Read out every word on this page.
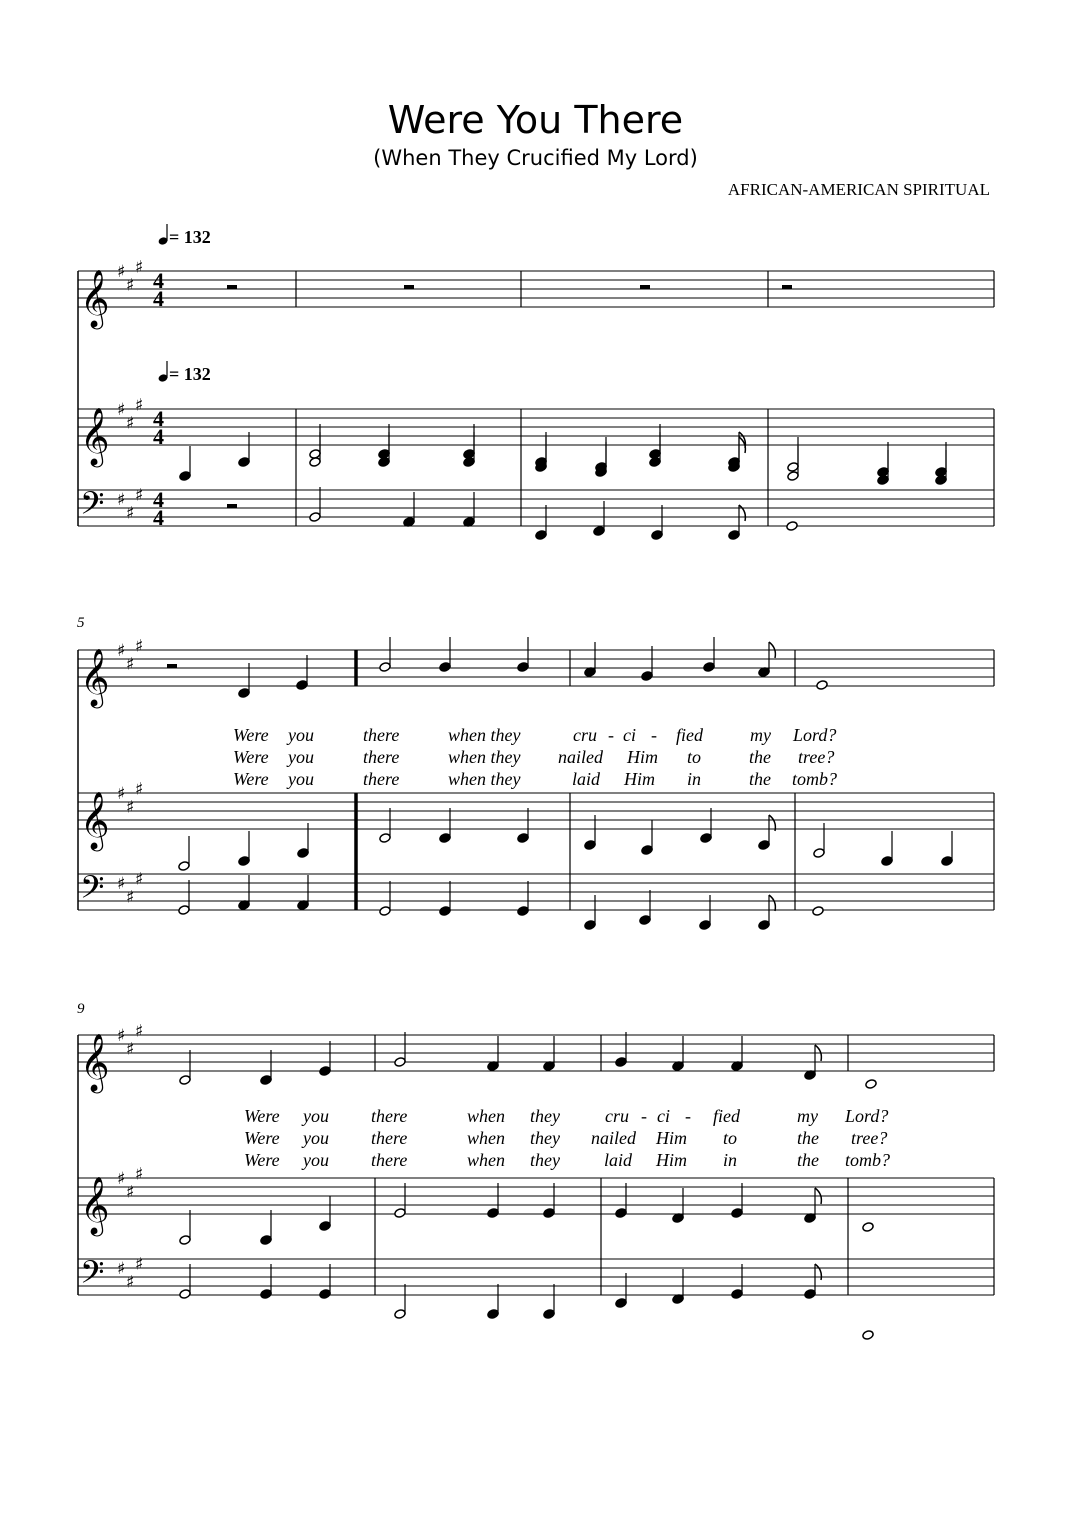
Were You There
(When They Crucified My Lord)
AFRICAN-AMERICAN SPIRITUAL
𝄞 ♯
♯
♯
4
4
𝄞 ♯
♯
♯
4
4
𝄢 ♯
♯
♯ 4
4
𝄞 ♯
♯
♯
𝄞 ♯
♯
♯
𝄢 ♯
♯
♯
𝄞 ♯
♯
♯
𝄞 ♯
♯
♯
𝄢 ♯
♯
♯
= 132
= 132
5
9
Were you	there	when they	cru - ci - fied	my Lord?
Were you	there	when they nailed Him to	the tree?
Were you	there	when they	laid Him in	the tomb?
Were you there	when they	cru - ci - fied	my Lord?
Were you there	when they nailed Him to	the tree?
Were you there	when they laid Him in	the tomb?
